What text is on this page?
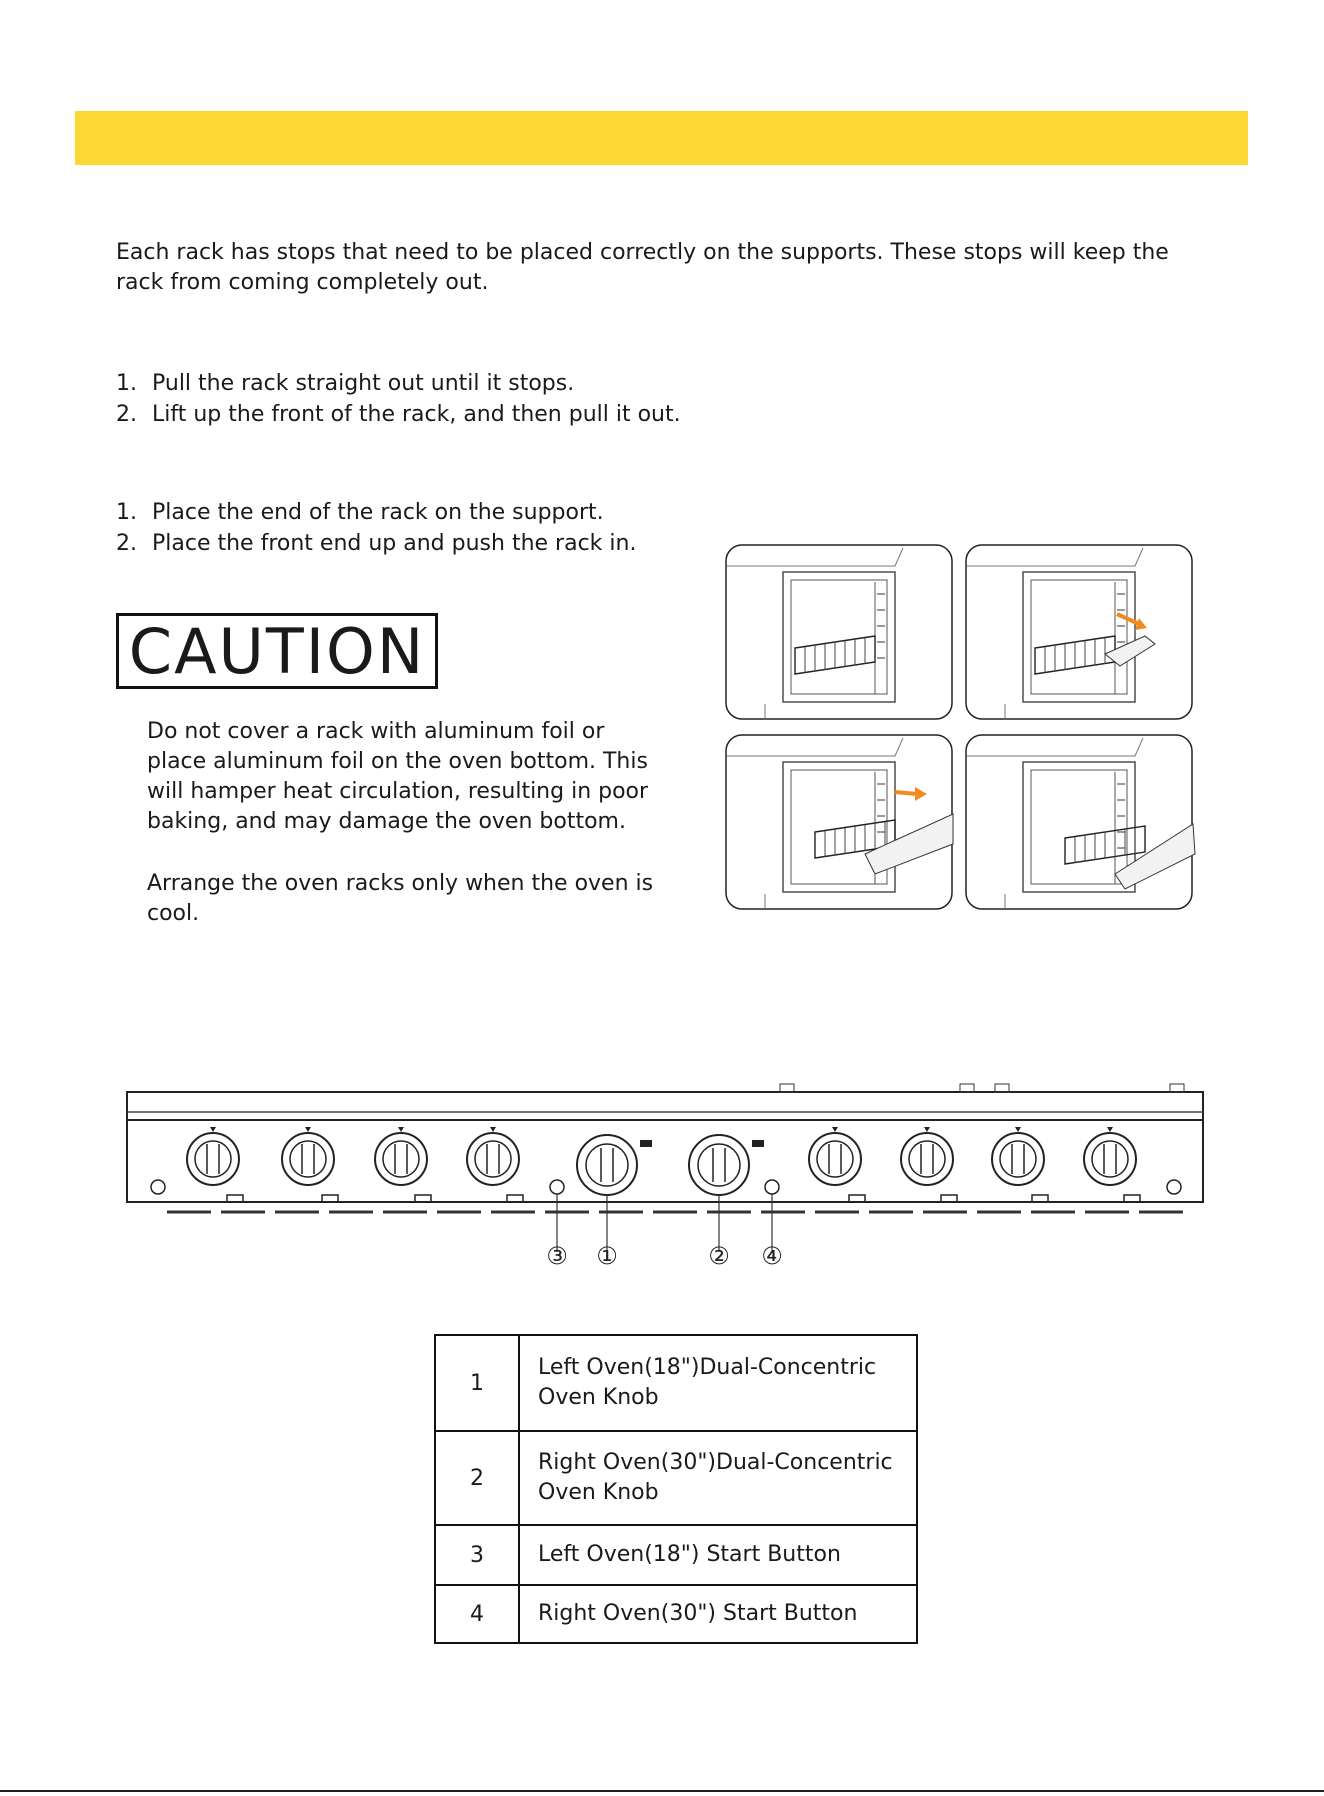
Each rack has stops that need to be placed correctly on the supports. These stops will keep the rack from coming completely out.

1. Pull the rack straight out until it stops.
2. Lift up the front of the rack, and then pull it out.
1. Place the end of the rack on the support.
2. Place the front end up and push the rack in.
CAUTION

Do not cover a rack with aluminum foil or place aluminum foil on the oven bottom. This will hamper heat circulation, resulting in poor baking, and may damage the oven bottom.

Arrange the oven racks only when the oven is cool.

③ ①	② ④
1	Left Oven(18")Dual-Concentric Oven Knob
2	Right Oven(30")Dual-Concentric Oven Knob
3	Left Oven(18") Start Button
4	Right Oven(30") Start Button
